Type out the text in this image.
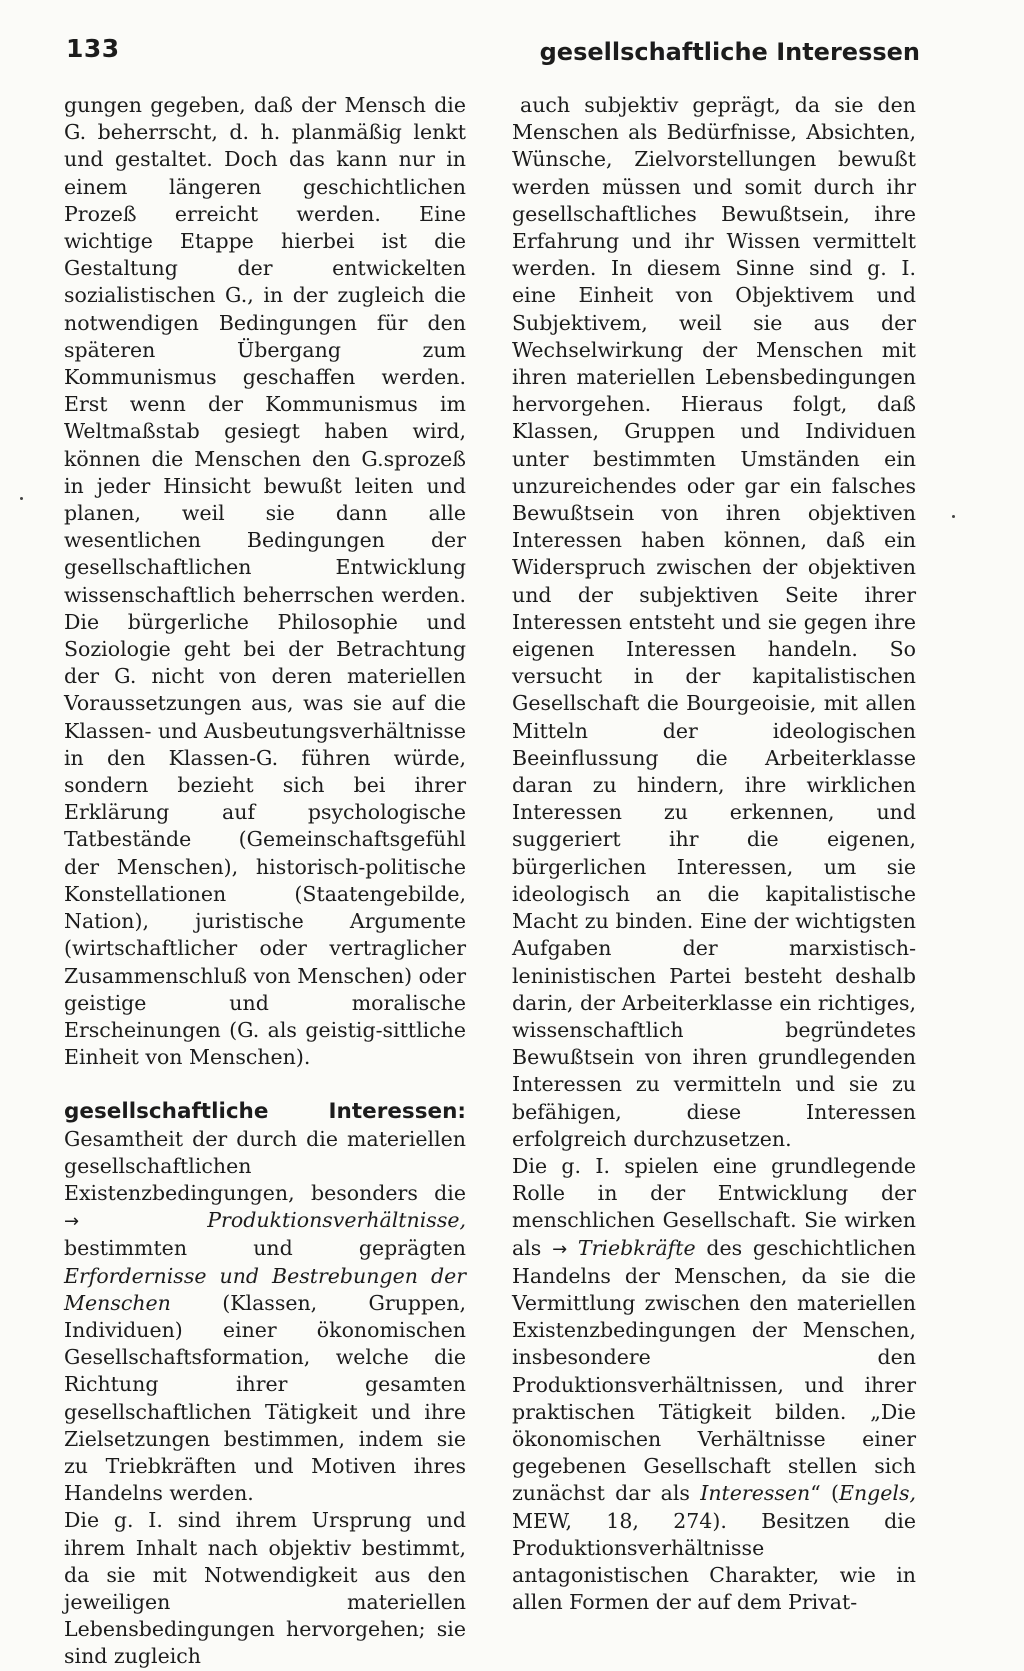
133	gesellschaftliche Interessen

gungen gegeben, daß der Mensch die G. beherrscht, d. h. planmäßig lenkt und gestaltet. Doch das kann nur in einem längeren geschichtlichen Prozeß erreicht werden. Eine wichtige Etappe hierbei ist die Gestaltung der entwickelten sozialistischen G., in der zugleich die notwendigen Bedingungen für den späteren Übergang zum Kommunismus geschaffen werden. Erst wenn der Kommunismus im Weltmaßstab gesiegt haben wird, können die Menschen den G.sprozeß in jeder Hinsicht bewußt leiten und planen, weil sie dann alle wesentlichen Bedingungen der gesellschaftlichen Entwicklung wissenschaftlich beherrschen werden. Die bürgerliche Philosophie und Soziologie geht bei der Betrachtung der G. nicht von deren materiellen Voraussetzungen aus, was sie auf die Klassen- und Ausbeutungsverhältnisse in den Klassen-G. führen würde, sondern bezieht sich bei ihrer Erklärung auf psychologische Tatbestände (Gemeinschaftsgefühl der Menschen), historisch-politische Konstellationen (Staatengebilde, Nation), juristische Argumente (wirtschaftlicher oder vertraglicher Zusammenschluß von Menschen) oder geistige und moralische Erscheinungen (G. als geistig-sittliche Einheit von Menschen).

gesellschaftliche Interessen: Gesamtheit der durch die materiellen gesellschaftlichen Existenzbedingungen, besonders die →	Produktionsverhältnisse, bestimmten und geprägten Erfordernisse und Bestrebungen der Menschen (Klassen, Gruppen, Individuen) einer ökonomischen Gesellschaftsformation, welche die Richtung ihrer gesamten gesellschaftlichen Tätigkeit und ihre Zielsetzungen bestimmen, indem sie zu Triebkräften und Motiven ihres Handelns werden.

Die g. I. sind ihrem Ursprung und ihrem Inhalt nach objektiv bestimmt, da sie mit Notwendigkeit aus den jeweiligen materiellen Lebensbedingungen hervorgehen; sie sind zugleich

auch subjektiv geprägt, da sie den Menschen als Bedürfnisse, Absichten, Wünsche, Zielvorstellungen bewußt werden müssen und somit durch ihr gesellschaftliches Bewußtsein, ihre Erfahrung und ihr Wissen vermittelt werden. In diesem Sinne sind g. I. eine Einheit von Objektivem und Subjektivem, weil sie aus der Wechselwirkung der Menschen mit ihren materiellen Lebensbedingungen hervorgehen. Hieraus folgt, daß Klassen, Gruppen und Individuen unter bestimmten Umständen ein unzureichendes oder gar ein falsches Bewußtsein von ihren objektiven Interessen haben können, daß ein Widerspruch zwischen der objektiven und der subjektiven Seite ihrer Interessen entsteht und sie gegen ihre eigenen Interessen handeln. So versucht in der kapitalistischen Gesellschaft die Bourgeoisie, mit allen Mitteln der ideologischen Beeinflussung die Arbeiterklasse daran zu hindern, ihre wirklichen Interessen zu erkennen, und suggeriert ihr die eigenen, bürgerlichen Interessen, um sie ideologisch an die kapitalistische Macht zu binden. Eine der wichtigsten Aufgaben der marxistisch-leninistischen Partei besteht deshalb darin, der Arbeiterklasse ein richtiges, wissenschaftlich begründetes Bewußtsein von ihren grundlegenden Interessen zu vermitteln und sie zu befähigen, diese Interessen erfolgreich durchzusetzen.

Die g. I. spielen eine grundlegende Rolle in der Entwicklung der menschlichen Gesellschaft. Sie wirken als → Triebkräfte des geschichtlichen Handelns der Menschen, da sie die Vermittlung zwischen den materiellen Existenzbedingungen der Menschen, insbesondere den Produktionsverhältnissen, und ihrer praktischen Tätigkeit bilden. „Die ökonomischen Verhältnisse einer gegebenen Gesellschaft stellen sich zunächst dar als Interessen“ (Engels, MEW, 18, 274). Besitzen die Produktionsverhältnisse antagonistischen Charakter, wie in allen Formen der auf dem Privat-
